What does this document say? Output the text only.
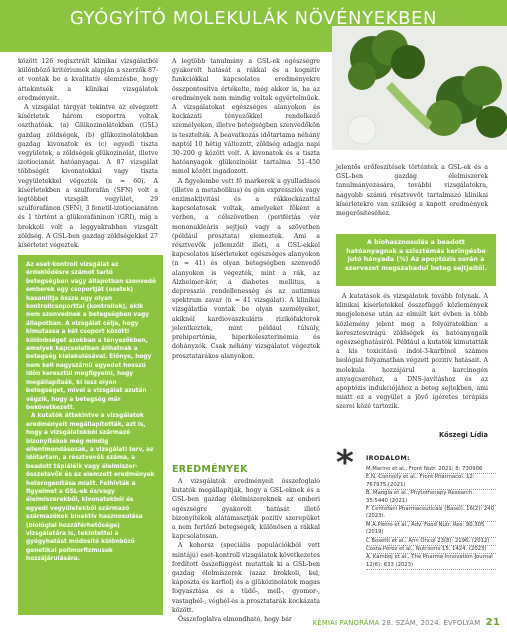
GYÓGYÍTÓ MOLEKULÁK NÖVÉNYEKBEN

között 126 regisztrált klinikai vizsgálatból különböző kritériumok alapján a szerzők 87-et vontak be a kvalitatív elemzésbe, hogy áttekintsék a klinikai vizsgálatok eredményeit.

A vizsgálat tárgyát tekintve az elvégzett kísérletek három csoportra voltak oszthatóak. (a) Glükozinolátokban (GSL) gazdag zöldségek, (b) glükozinolátokban gazdag kivonatok és (c) egyedi tiszta vegyületek, a zöldségek glükozinolát, illetve izotiocianát hatóanyagai. A 87 vizsgálat többségét kivonatokkal vagy tiszta vegyületekkel végezték (n = 60). A kísérletekben a szulforafán (SFN) volt a legtöbbet vizsgált vegyület, 29 szulforafánon (SFN), 3 fenetil-izotiocianáton és 1 történt a glükorafáninon (GRI), míg a brokkoli volt a leggyakrabban vizsgált zöldség. A GSL-ben gazdag zöldségekkel 27 kísérletet végeztek.

Az eset-kontroll vizsgálat az érdeklődésre számot tartó betegségben vagy állapotban szenvedő emberek egy csoportját (esetek) hasonlítja össze egy olyan kontrollcsoporttal (kontrollok), akik nem szenvednek a betegségben vagy állapotban. A vizsgálat célja, hogy kimutassa a két csoport közötti különbséget azokban a tényezőkben, amelyek kapcsolatban állhatnak a betegség kialakulásával. Előnye, hogy nem kell nagyszámú egyedet hosszú időn keresztül megfigyelni, hogy megállapítsák, ki lesz olyan betegséget, mivel a vizsgálat azután végzik, hogy a betegség már bekövetkezett.

A kutatók áttekintve a vizsgálatok eredményeit megállapították, azt is, hogy a vizsgálatokból származó bizonyítékok még mindig ellentmondásosak, a vizsgálati terv, az időtartam, a résztvevők száma, a beadott tápláléik vagy élelmiszer-összetevők és az elemzett eredmények heterogenitása miatt. Felhívták a figyelmet a GSL-ek és/vagy élelmiszerekből, kivonatokból és egyedi vegyületekből származó származékok bioaktív hasznosulása (biológiai hozzáférhetősége) vizsgálatára is, tekintettel a gyógyhatást módosító különböző genetikai polimorfizmusok hozzájárulására.

A legtöbb tanulmány a GSL-ek egészségre gyakorolt hatását a rákkal és a kognitív funkciókkal kapcsolatos eredményekre összpontosítva értékelte, még akkor is, ha az eredmények nem mindig voltak egyértelműek. A vizsgálatokat egészséges alanyokon és kockázati tényezőkkel rendelkező személyeken, illetve betegségben szenvedőkön is tesztelték. A beavatkozás időtartama néhány naptól 10 hétig változott, zöldség adagja napi 30–200 g között volt. A kivonatok és a tiszta hatóanyagok glükozinolát tartalma 51–450 mmol között ingadozott.

A figyelembe vett fő markerek a gyulladásos (illetve a metabolikus) és gén expressziós vagy enzimaktivitási és a rákkockázattal kapcsolatosak voltak, amelyeket főként a vérben, a célszövetben (perifériás vér mononukleáris sejtjei) vagy a szövetben (például prosztata) elemeztek. Ami a résztvevők jellemzőit illeti, a GSL-ekkel kapcsolatos kísérleteket egészséges alanyokon (n = 41) és olyan betegségben szenvedő alanyokon is végezték, mint a rák, az Alzheimer-kór, a diabetes mellitus, a depresszió rendellenesség és az autizmus spektrum zavar (n = 41 vizsgálat). A klinikai vizsgálatba vontak be olyan személyeket, akiknél kardiovaszkuláris rizikófaktorok jelentkeztek, mint például túlsúly, prehipertónia, hiperkoleszterinémia és dohányzók. Csak néhány vizsgálatot végeztek prosztatarákos alanyokon.

EREDMÉNYEK

A vizsgálatok eredményeit összefoglaló kutatók megállapítják, hogy a GSL-eknek és a GSL-ben gazdag élelmiszereknek az emberi egészségre gyakorolt hatását illető bizonyítékok alátámasztják pozitív szerepüket a nem fertőző betegségek, különösen a rákkal kapcsolatosan.

A kohorsz (speciális populációkból vett mintájú) eset-kontroll vizsgálatok következetes fordított összefüggést mutattak ki a GSL-ben gazdag élelmiszerek (azaz brokkoli, kel, káposzta és karfiol) és a glükózinolátok magas fogyasztása és a tüdő-, mell-, gyomor-, vastagbél-, végbél-és a prosztatarák kockázata között.

Összefoglalva elmondható, hogy bár

jelentős erőfeszítések történtek a GSL-ek és a GSL-ben gazdag élelmiszerek tanulmányozására, további vizsgálatokra, nagyobb számú résztvevőt tartalmazó klinikai kísérletekre van szükség a kapott eredmények megerősítéséhez.

A biohasznosulás a beadott hatóanyagnak a szisztémás keringésbe jutó hányada (%) Az apoptózis során a szervezet megszabadul beteg sejtjeitől.

A kutatások és vizsgálatok tovább folynak. A klinikai kísérletekkel összefüggő közlemények megjelenése után az elmúlt két évben is több közlemény jelent meg a folyóiratokban a keresztesvirágú zöldségek és hatóanyagaik egészséghatásiról. Például a kutatók kimutatták a kis toxicitású indol-3-karbinol számos biológiai folyamatban végzett pozitív hatásait. A molekula hozzájárul a karcinogén anyagcseréhez, a DNS-javításhoz és az apoptózis indukciójához a beteg sejtekben, ami miatt ez a vegyület a jövő ígéretes terápiás szerei közé tartozik.

Kőszegi Lídia
* IRODALOM:
M.Marino et al., Front Nutr. 2021; 8: 730906
E.N. Connolly et al., Front Pharmacol. 12: 767975.(2021)
B. Mangla et al., Phytotherapy Research. 35:5440 (2021)
F. Centofani Pharmaceuticals (Basel). 16(2): 240 (2023).
M.A.Pietro et al., Adv. Food Nutr. Res: 90.305 (2019)
C Bosetti et al., Ann Oncol 23(8): 2196, (2012)
Costa-Pérez et al., Nutrients 15, 1424. (2023)
A. Kamboj et al., The Pharma Innovation Journal 12(6): 633 (2023)
KÉMIAI PANORÁMA 28. SZÁM, 2024. ÉVFOLYAM 21
